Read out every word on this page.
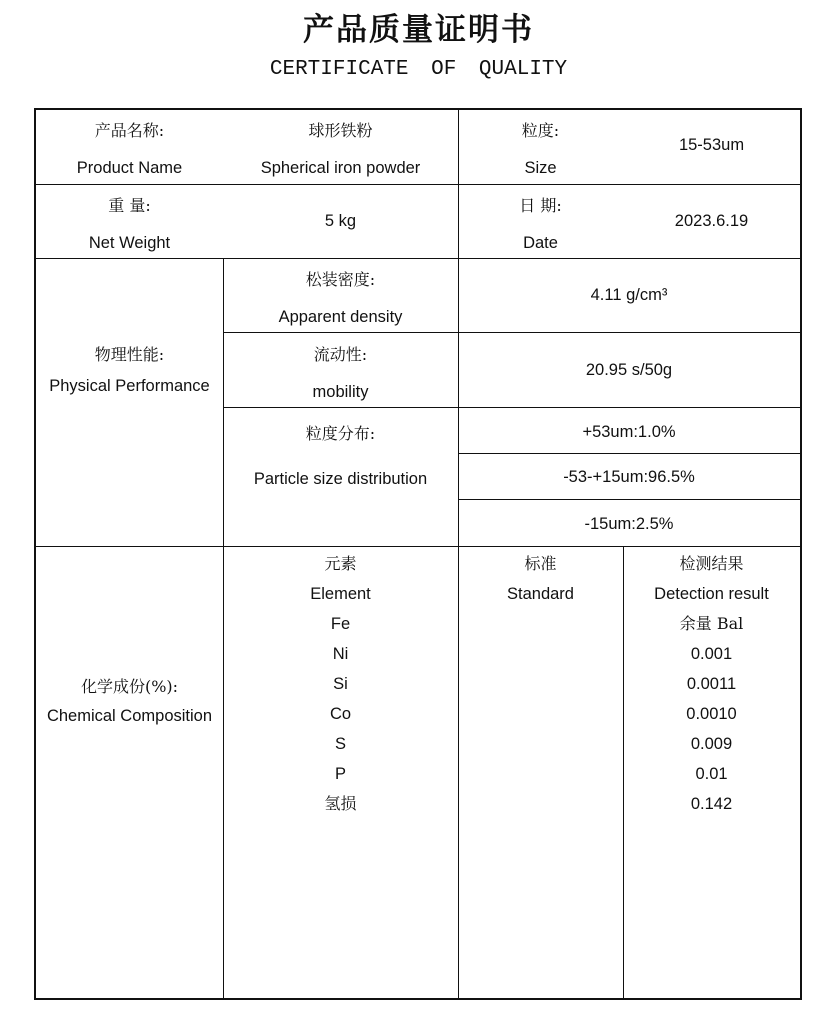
产品质量证明书
CERTIFICATE OF QUALITY
产品名称:
Product Name
球形铁粉
Spherical iron powder
粒度:
Size
15-53um
重 量:
Net Weight
5 kg
日 期:
Date
2023.6.19
物理性能:
Physical Performance
松装密度:
Apparent density
4.11 g/cm³
流动性:
mobility
20.95 s/50g
粒度分布:
Particle size distribution
+53um:1.0%
-53-+15um:96.5%
-15um:2.5%
化学成份(%):
Chemical Composition
元素
Element
Fe
Ni
Si
Co
S
P
氢损
标准
Standard
检测结果
Detection result
余量 Bal
0.001
0.0011
0.0010
0.009
0.01
0.142
